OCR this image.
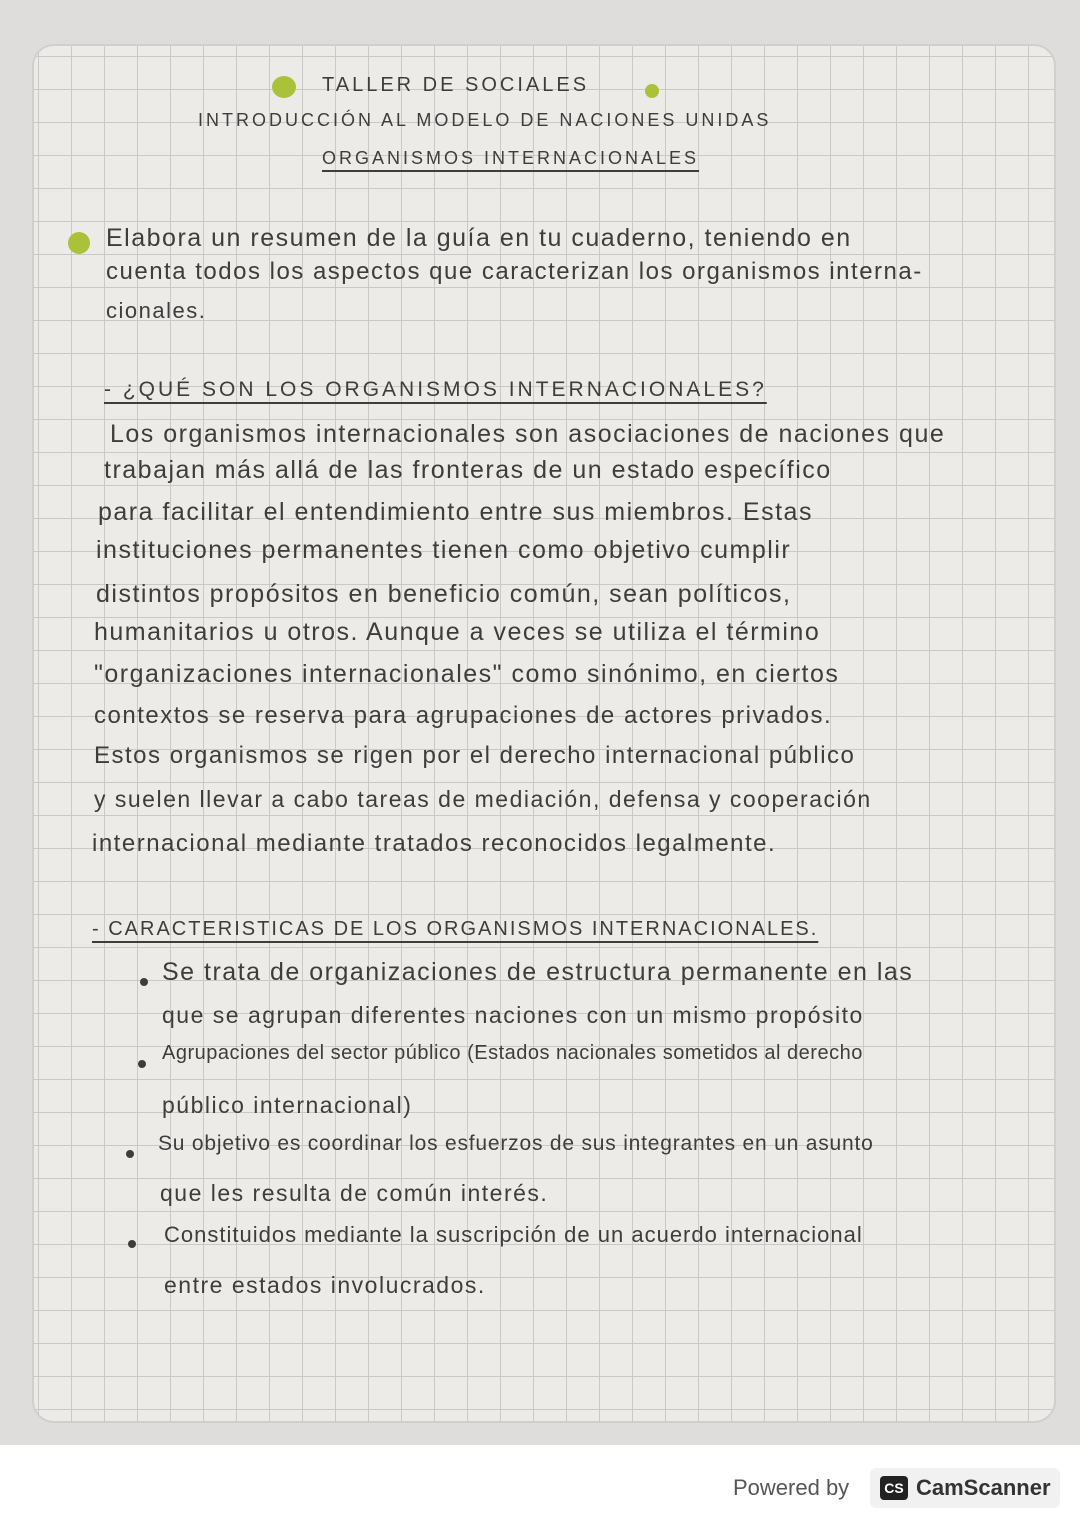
TALLER DE SOCIALES
INTRODUCCIÓN AL MODELO DE NACIONES UNIDAS
ORGANISMOS INTERNACIONALES
Elabora un resumen de la guía en tu cuaderno, teniendo en
cuenta todos los aspectos que caracterizan los organismos interna-
cionales.
- ¿QUÉ SON LOS ORGANISMOS INTERNACIONALES?
Los organismos internacionales son asociaciones de naciones que
trabajan más allá de las fronteras de un estado específico
para facilitar el entendimiento entre sus miembros. Estas
instituciones permanentes tienen como objetivo cumplir
distintos propósitos en beneficio común, sean políticos,
humanitarios u otros. Aunque a veces se utiliza el término
"organizaciones internacionales" como sinónimo, en ciertos
contextos se reserva para agrupaciones de actores privados.
Estos organismos se rigen por el derecho internacional público
y suelen llevar a cabo tareas de mediación, defensa y cooperación
internacional mediante tratados reconocidos legalmente.
- CARACTERISTICAS DE LOS ORGANISMOS INTERNACIONALES.
Se trata de organizaciones de estructura permanente en las
que se agrupan diferentes naciones con un mismo propósito
Agrupaciones del sector público (Estados nacionales sometidos al derecho
público internacional)
Su objetivo es coordinar los esfuerzos de sus integrantes en un asunto
que les resulta de común interés.
Constituidos mediante la suscripción de un acuerdo internacional
entre estados involucrados.
Powered by	CS CamScanner
